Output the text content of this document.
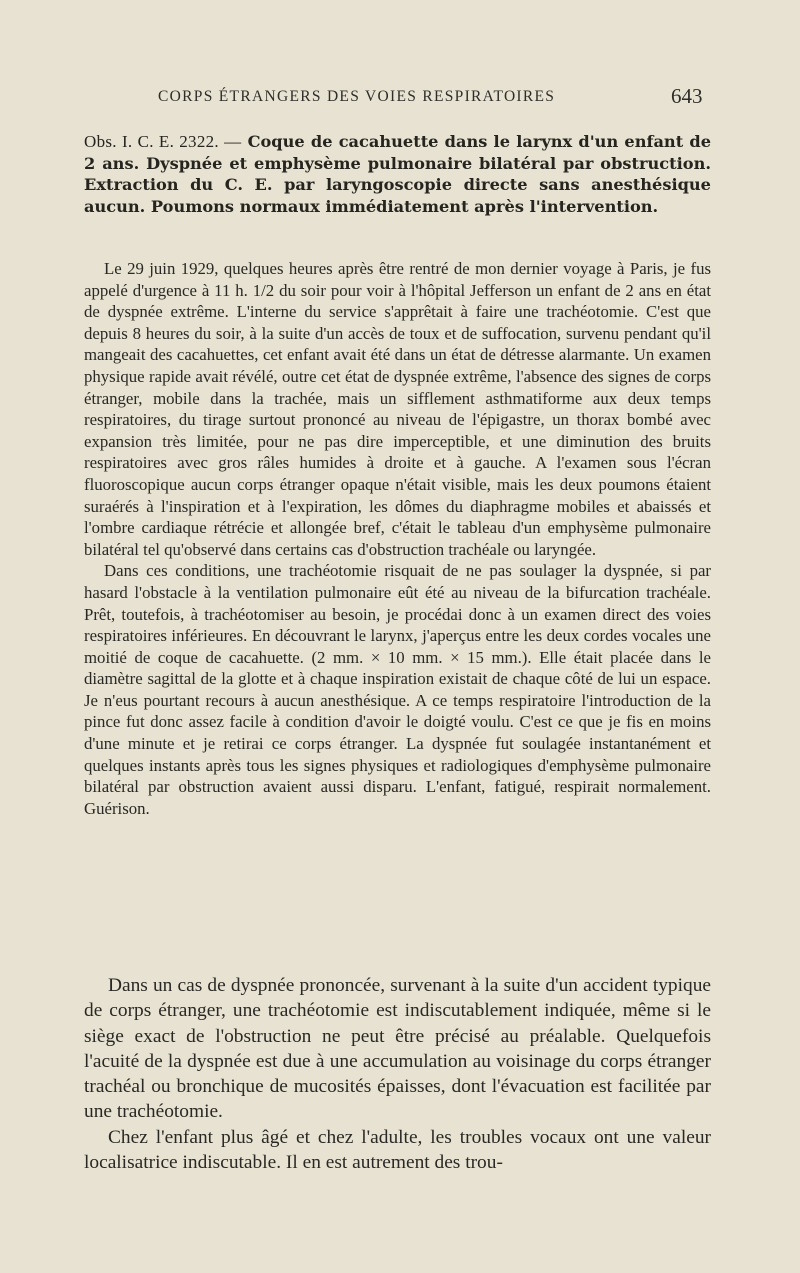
CORPS ÉTRANGERS DES VOIES RESPIRATOIRES	643
Obs. I. C. E. 2322. — Coque de cacahuette dans le larynx d'un enfant de 2 ans. Dyspnée et emphysème pulmonaire bilatéral par obstruction. Extraction du C. E. par laryngoscopie directe sans anesthésique aucun. Poumons normaux immédiatement après l'intervention.

Le 29 juin 1929, quelques heures après être rentré de mon dernier voyage à Paris, je fus appelé d'urgence à 11 h. 1/2 du soir pour voir à l'hôpital Jefferson un enfant de 2 ans en état de dyspnée extrême. L'interne du service s'apprêtait à faire une trachéotomie. C'est que depuis 8 heures du soir, à la suite d'un accès de toux et de suffocation, survenu pendant qu'il mangeait des cacahuettes, cet enfant avait été dans un état de détresse alarmante. Un examen physique rapide avait révélé, outre cet état de dyspnée extrême, l'absence des signes de corps étranger, mobile dans la trachée, mais un sifflement asthmatiforme aux deux temps respiratoires, du tirage surtout prononcé au niveau de l'épigastre, un thorax bombé avec expansion très limitée, pour ne pas dire imperceptible, et une diminution des bruits respiratoires avec gros râles humides à droite et à gauche. A l'examen sous l'écran fluoroscopique aucun corps étranger opaque n'était visible, mais les deux poumons étaient suraérés à l'inspiration et à l'expiration, les dômes du diaphragme mobiles et abaissés et l'ombre cardiaque rétrécie et allongée bref, c'était le tableau d'un emphysème pulmonaire bilatéral tel qu'observé dans certains cas d'obstruction trachéale ou laryngée.

Dans ces conditions, une trachéotomie risquait de ne pas soulager la dyspnée, si par hasard l'obstacle à la ventilation pulmonaire eût été au niveau de la bifurcation trachéale. Prêt, toutefois, à trachéotomiser au besoin, je procédai donc à un examen direct des voies respiratoires inférieures. En découvrant le larynx, j'aperçus entre les deux cordes vocales une moitié de coque de cacahuette. (2 mm. × 10 mm. × 15 mm.). Elle était placée dans le diamètre sagittal de la glotte et à chaque inspiration existait de chaque côté de lui un espace. Je n'eus pourtant recours à aucun anesthésique. A ce temps respiratoire l'introduction de la pince fut donc assez facile à condition d'avoir le doigté voulu. C'est ce que je fis en moins d'une minute et je retirai ce corps étranger. La dyspnée fut soulagée instantanément et quelques instants après tous les signes physiques et radiologiques d'emphysème pulmonaire bilatéral par obstruction avaient aussi disparu. L'enfant, fatigué, respirait normalement. Guérison.

Dans un cas de dyspnée prononcée, survenant à la suite d'un accident typique de corps étranger, une trachéotomie est indiscutablement indiquée, même si le siège exact de l'obstruction ne peut être précisé au préalable. Quelquefois l'acuité de la dyspnée est due à une accumulation au voisinage du corps étranger trachéal ou bronchique de mucosités épaisses, dont l'évacuation est facilitée par une trachéotomie.

Chez l'enfant plus âgé et chez l'adulte, les troubles vocaux ont une valeur localisatrice indiscutable. Il en est autrement des trou-
